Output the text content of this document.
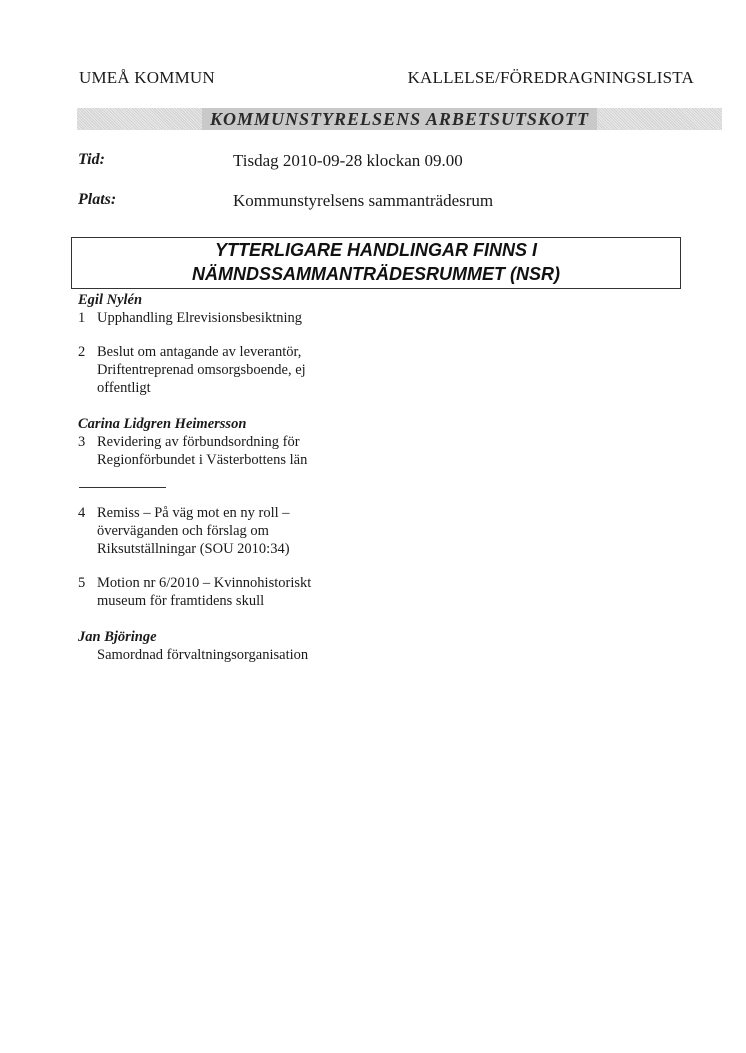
UMEÅ KOMMUN	KALLELSE/FÖREDRAGNINGSLISTA
KOMMUNSTYRELSENS ARBETSUTSKOTT
Tid:	Tisdag 2010-09-28 klockan 09.00
Plats:	Kommunstyrelsens sammanträdesrum
YTTERLIGARE HANDLINGAR FINNS I
NÄMNDSSAMMANTRÄDESRUMMET (NSR)
Egil Nylén
1 Upphandling Elrevisionsbesiktning
2 Beslut om antagande av leverantör,
Driftentreprenad omsorgsboende, ej
offentligt
Carina Lidgren Heimersson
3 Revidering av förbundsordning för
Regionförbundet i Västerbottens län
4 Remiss – På väg mot en ny roll –
överväganden och förslag om
Riksutställningar (SOU 2010:34)
5 Motion nr 6/2010 – Kvinnohistoriskt
museum för framtidens skull
Jan Björinge
Samordnad förvaltningsorganisation
